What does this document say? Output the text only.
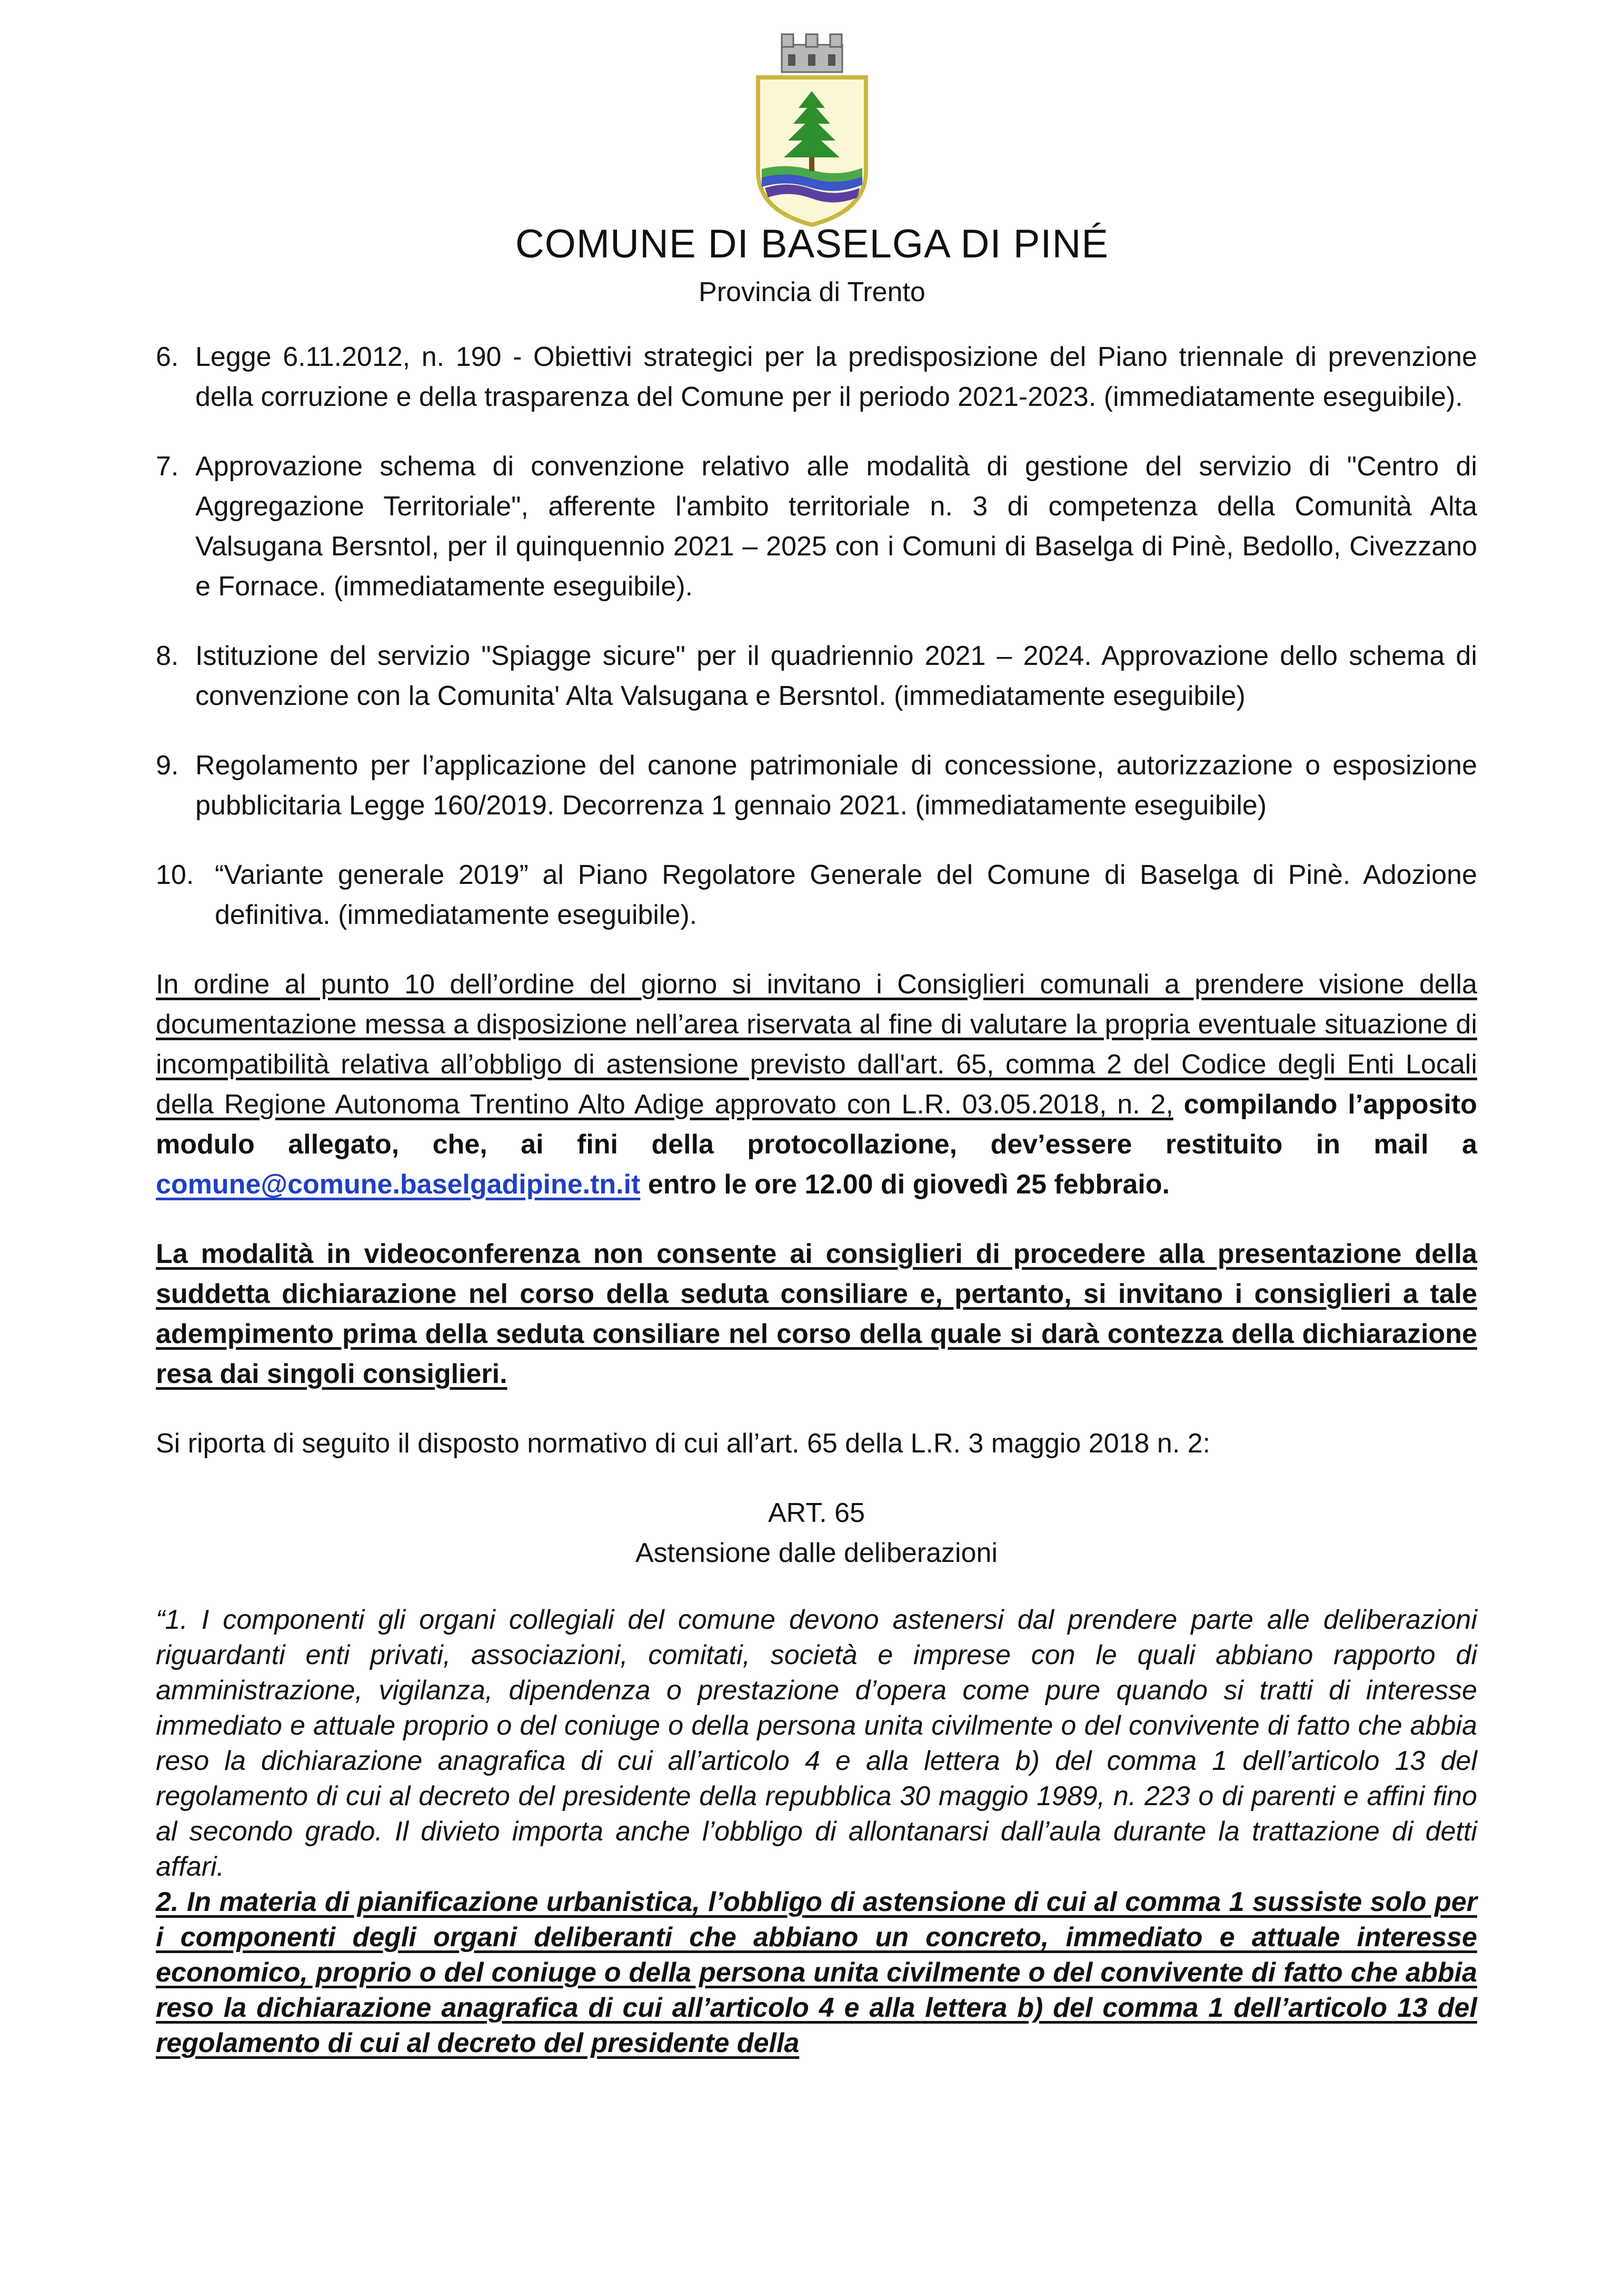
COMUNE DI BASELGA DI PINÉ
Provincia di Trento
6. Legge 6.11.2012, n. 190 - Obiettivi strategici per la predisposizione del Piano triennale di prevenzione della corruzione e della trasparenza del Comune per il periodo 2021-2023. (immediatamente eseguibile).
7. Approvazione schema di convenzione relativo alle modalità di gestione del servizio di "Centro di Aggregazione Territoriale", afferente l'ambito territoriale n. 3 di competenza della Comunità Alta Valsugana Bersntol, per il quinquennio 2021 – 2025 con i Comuni di Baselga di Pinè, Bedollo, Civezzano e Fornace. (immediatamente eseguibile).
8. Istituzione del servizio "Spiagge sicure" per il quadriennio 2021 – 2024. Approvazione dello schema di convenzione con la Comunita' Alta Valsugana e Bersntol. (immediatamente eseguibile)
9. Regolamento per l’applicazione del canone patrimoniale di concessione, autorizzazione o esposizione pubblicitaria Legge 160/2019. Decorrenza 1 gennaio 2021. (immediatamente eseguibile)
10. “Variante generale 2019” al Piano Regolatore Generale del Comune di Baselga di Pinè. Adozione definitiva. (immediatamente eseguibile).

In ordine al punto 10 dell’ordine del giorno si invitano i Consiglieri comunali a prendere visione della documentazione messa a disposizione nell’area riservata al fine di valutare la propria eventuale situazione di incompatibilità relativa all’obbligo di astensione previsto dall'art. 65, comma 2 del Codice degli Enti Locali della Regione Autonoma Trentino Alto Adige approvato con L.R. 03.05.2018, n. 2, compilando l’apposito modulo allegato, che, ai fini della protocollazione, dev’essere restituito in mail a comune@comune.baselgadipine.tn.it entro le ore 12.00 di giovedì 25 febbraio.

La modalità in videoconferenza non consente ai consiglieri di procedere alla presentazione della suddetta dichiarazione nel corso della seduta consiliare e, pertanto, si invitano i consiglieri a tale adempimento prima della seduta consiliare nel corso della quale si darà contezza della dichiarazione resa dai singoli consiglieri.

Si riporta di seguito il disposto normativo di cui all’art. 65 della L.R. 3 maggio 2018 n. 2:

ART. 65

Astensione dalle deliberazioni

“1. I componenti gli organi collegiali del comune devono astenersi dal prendere parte alle deliberazioni riguardanti enti privati, associazioni, comitati, società e imprese con le quali abbiano rapporto di amministrazione, vigilanza, dipendenza o prestazione d’opera come pure quando si tratti di interesse immediato e attuale proprio o del coniuge o della persona unita civilmente o del convivente di fatto che abbia reso la dichiarazione anagrafica di cui all’articolo 4 e alla lettera b) del comma 1 dell’articolo 13 del regolamento di cui al decreto del presidente della repubblica 30 maggio 1989, n. 223 o di parenti e affini fino al secondo grado. Il divieto importa anche l’obbligo di allontanarsi dall’aula durante la trattazione di detti affari.

2. In materia di pianificazione urbanistica, l’obbligo di astensione di cui al comma 1 sussiste solo per i componenti degli organi deliberanti che abbiano un concreto, immediato e attuale interesse economico, proprio o del coniuge o della persona unita civilmente o del convivente di fatto che abbia reso la dichiarazione anagrafica di cui all’articolo 4 e alla lettera b) del comma 1 dell’articolo 13 del regolamento di cui al decreto del presidente della
